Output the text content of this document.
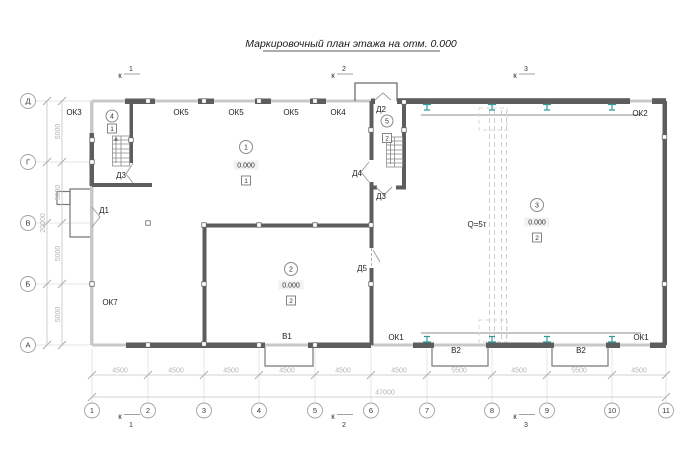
Маркировочный план этажа на отм. 0.000
ОК3	ОК5	ОК5	ОК5	ОК4	ОК2
ОК7
ОК1	ОК1
Д1
Д2
Д3
Д3
Д4
Д5
В1
В2	В2
Q=5т
1
0.000
1
2
0.000
2
3
0.000
2
4
1
5
2
4500	4500	4500	4500	4500	4500	5500	4500	5500	4500
47000
5000
5000
5000
5000
20000
1	2	3	4	5	6	7	8	9	10	11
Д
Г
В
Б
А
к
1
к
2
к
3
к
1
к
2
к
3
